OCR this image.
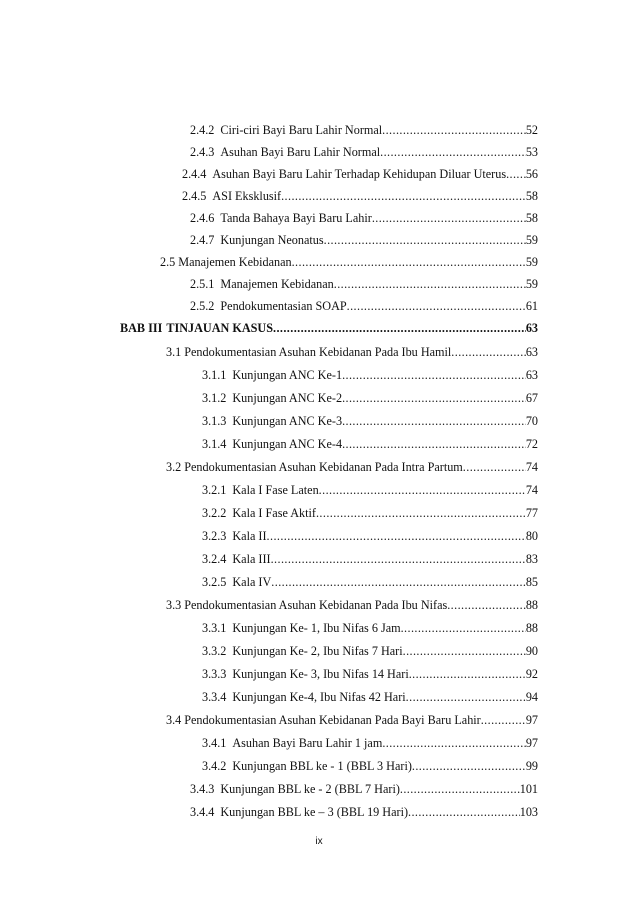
2.4.2 Ciri-ciri Bayi Baru Lahir Normal .....	52
2.4.3 Asuhan Bayi Baru Lahir Normal .....	53
2.4.4 Asuhan Bayi Baru Lahir Terhadap Kehidupan Diluar Uterus ..... 56
2.4.5 ASI Eksklusif .....	58
2.4.6 Tanda Bahaya Bayi Baru Lahir .....	58
2.4.7 Kunjungan Neonatus .....	59
2.5 Manajemen Kebidanan .....	59
2.5.1 Manajemen Kebidanan .....	59
2.5.2 Pendokumentasian SOAP .....	61
BAB III TINJAUAN KASUS .....	63
3.1 Pendokumentasian Asuhan Kebidanan Pada Ibu Hamil .....	63
3.1.1 Kunjungan ANC Ke-1 .....	63
3.1.2 Kunjungan ANC Ke-2 .....	67
3.1.3 Kunjungan ANC Ke-3 .....	70
3.1.4 Kunjungan ANC Ke-4 .....	72
3.2 Pendokumentasian Asuhan Kebidanan Pada Intra Partum .....	74
3.2.1 Kala I Fase Laten .....	74
3.2.2 Kala I Fase Aktif .....	77
3.2.3 Kala II .....	80
3.2.4 Kala III .....	83
3.2.5 Kala IV .....	85
3.3 Pendokumentasian Asuhan Kebidanan Pada Ibu Nifas .....	88
3.3.1 Kunjungan Ke- 1, Ibu Nifas 6 Jam .....	88
3.3.2 Kunjungan Ke- 2, Ibu Nifas 7 Hari .....	90
3.3.3 Kunjungan Ke- 3, Ibu Nifas 14 Hari .....	92
3.3.4 Kunjungan Ke-4, Ibu Nifas 42 Hari .....	94
3.4 Pendokumentasian Asuhan Kebidanan Pada Bayi Baru Lahir .....	97
3.4.1 Asuhan Bayi Baru Lahir 1 jam .....	97
3.4.2 Kunjungan BBL ke - 1 (BBL 3 Hari) .....	99
3.4.3 Kunjungan BBL ke - 2 (BBL 7 Hari) .....	101
3.4.4 Kunjungan BBL ke – 3 (BBL 19 Hari) .....	103
ix
